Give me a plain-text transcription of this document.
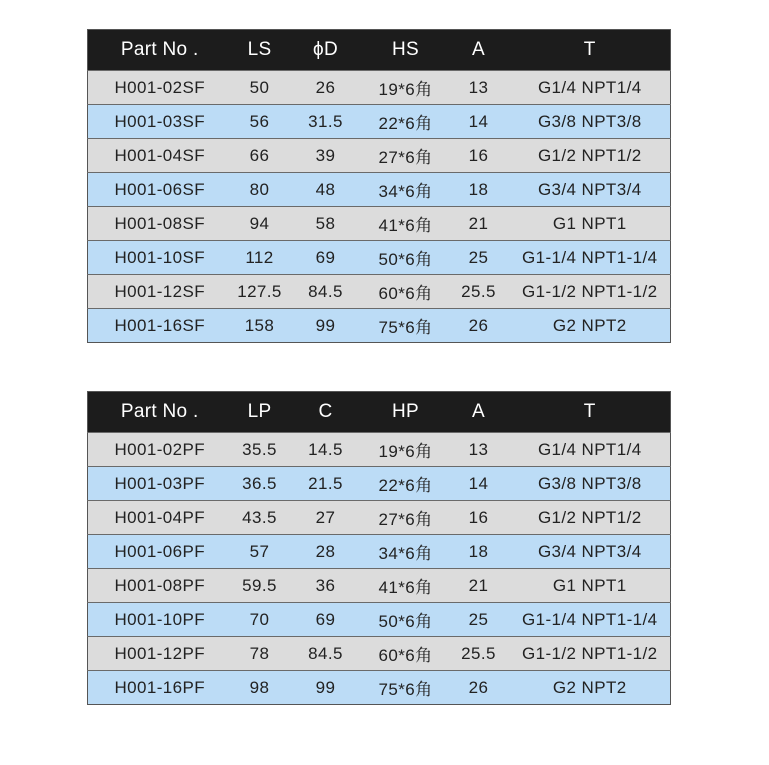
Part No .	LS	ϕD	HS	A	T
H001-02SF	50	26	19*6角	13	G1/4 NPT1/4
H001-03SF	56	31.5	22*6角	14	G3/8 NPT3/8
H001-04SF	66	39	27*6角	16	G1/2 NPT1/2
H001-06SF	80	48	34*6角	18	G3/4 NPT3/4
H001-08SF	94	58	41*6角	21	G1 NPT1
H001-10SF	112	69	50*6角	25	G1-1/4 NPT1-1/4
H001-12SF	127.5	84.5	60*6角	25.5	G1-1/2 NPT1-1/2
H001-16SF	158	99	75*6角	26	G2 NPT2
Part No .	LP	C	HP	A	T
H001-02PF	35.5	14.5	19*6角	13	G1/4 NPT1/4
H001-03PF	36.5	21.5	22*6角	14	G3/8 NPT3/8
H001-04PF	43.5	27	27*6角	16	G1/2 NPT1/2
H001-06PF	57	28	34*6角	18	G3/4 NPT3/4
H001-08PF	59.5	36	41*6角	21	G1 NPT1
H001-10PF	70	69	50*6角	25	G1-1/4 NPT1-1/4
H001-12PF	78	84.5	60*6角	25.5	G1-1/2 NPT1-1/2
H001-16PF	98	99	75*6角	26	G2 NPT2
